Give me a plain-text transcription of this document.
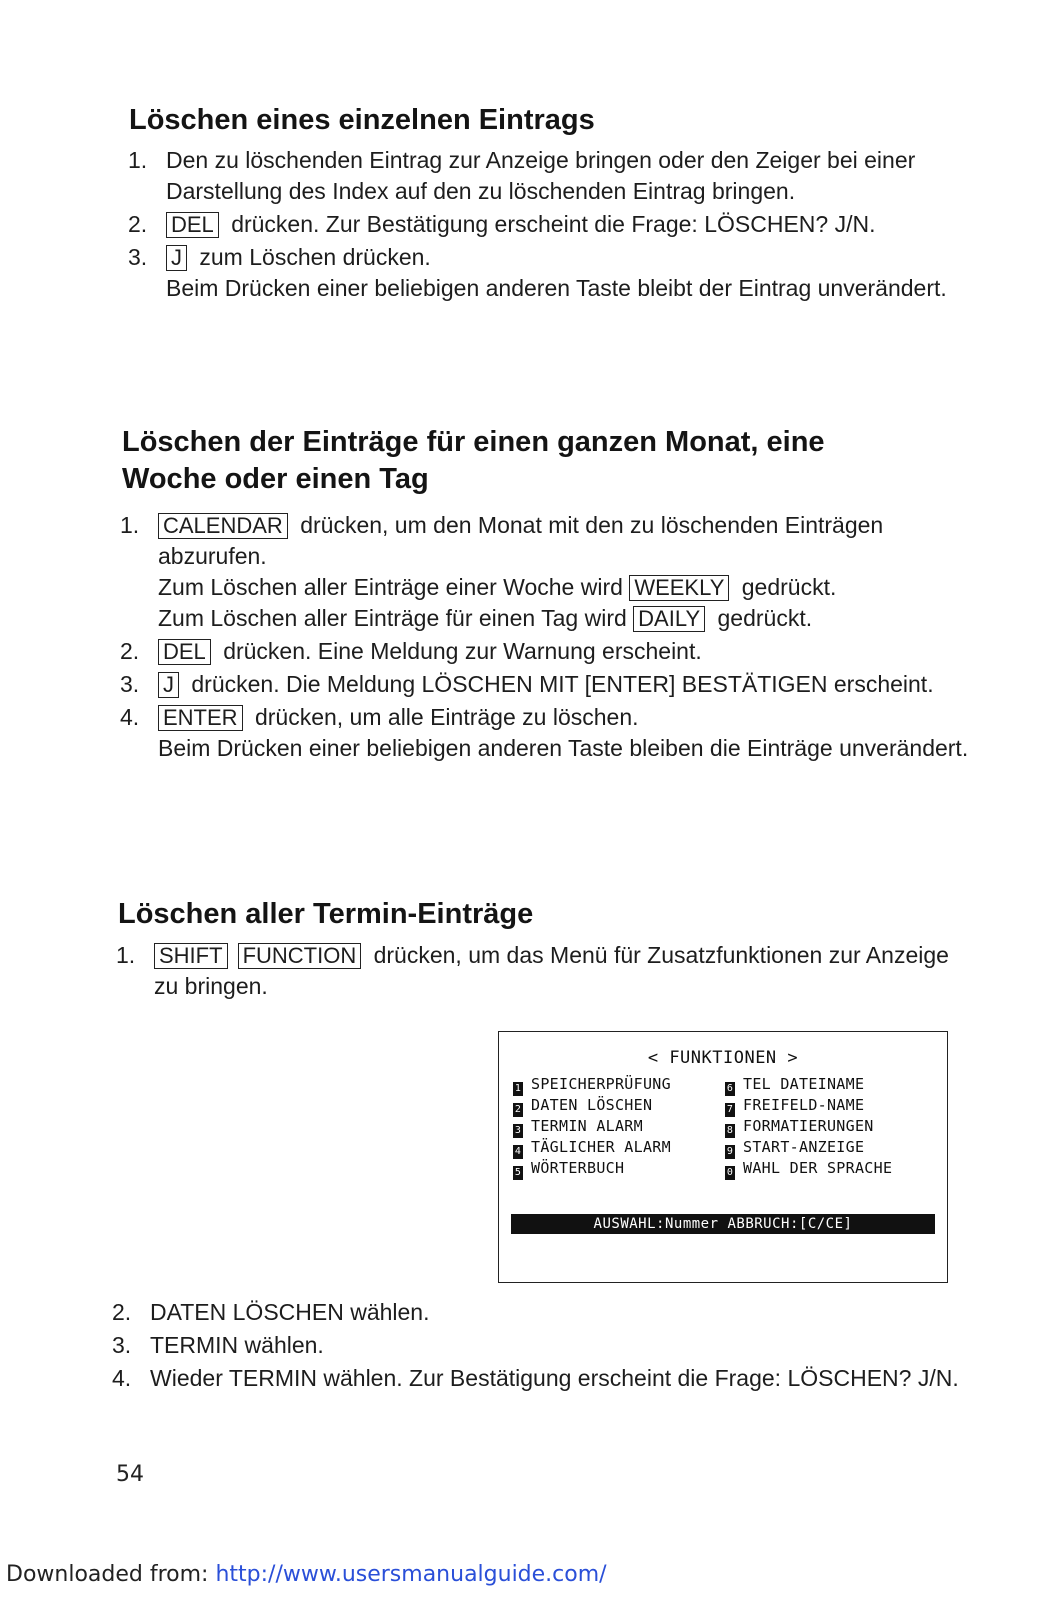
Löschen eines einzelnen Eintrags
1. Den zu löschenden Eintrag zur Anzeige bringen oder den Zeiger bei einer Darstellung des Index auf den zu löschenden Eintrag bringen.
2. DEL drücken. Zur Bestätigung erscheint die Frage: LÖSCHEN? J/N.
3. J zum Löschen drücken.

Beim Drücken einer beliebigen anderen Taste bleibt der Eintrag unverändert.

Löschen der Einträge für einen ganzen Monat, eine Woche oder einen Tag
1. CALENDAR drücken, um den Monat mit den zu löschenden Einträgen abzurufen.

Zum Löschen aller Einträge einer Woche wird WEEKLY gedrückt.

Zum Löschen aller Einträge für einen Tag wird DAILY gedrückt.

2. DEL drücken. Eine Meldung zur Warnung erscheint.
3. J drücken. Die Meldung LÖSCHEN MIT [ENTER] BESTÄTIGEN erscheint.
4. ENTER drücken, um alle Einträge zu löschen.

Beim Drücken einer beliebigen anderen Taste bleiben die Einträge unverändert.

Löschen aller Termin-Einträge
1. SHIFT FUNCTION drücken, um das Menü für Zusatzfunktionen zur Anzeige zu bringen.
< FUNKTIONEN >
1 SPEICHERPRÜFUNG
2 DATEN LÖSCHEN
3 TERMIN ALARM
4 TÄGLICHER ALARM
5 WÖRTERBUCH
6 TEL DATEINAME
7 FREIFELD-NAME
8 FORMATIERUNGEN
9 START-ANZEIGE
0 WAHL DER SPRACHE
AUSWAHL:Nummer ABBRUCH:[C/CE]
2. DATEN LÖSCHEN wählen.
3. TERMIN wählen.
4. Wieder TERMIN wählen. Zur Bestätigung erscheint die Frage: LÖSCHEN? J/N.
54
Downloaded from: http://www.usersmanualguide.com/
